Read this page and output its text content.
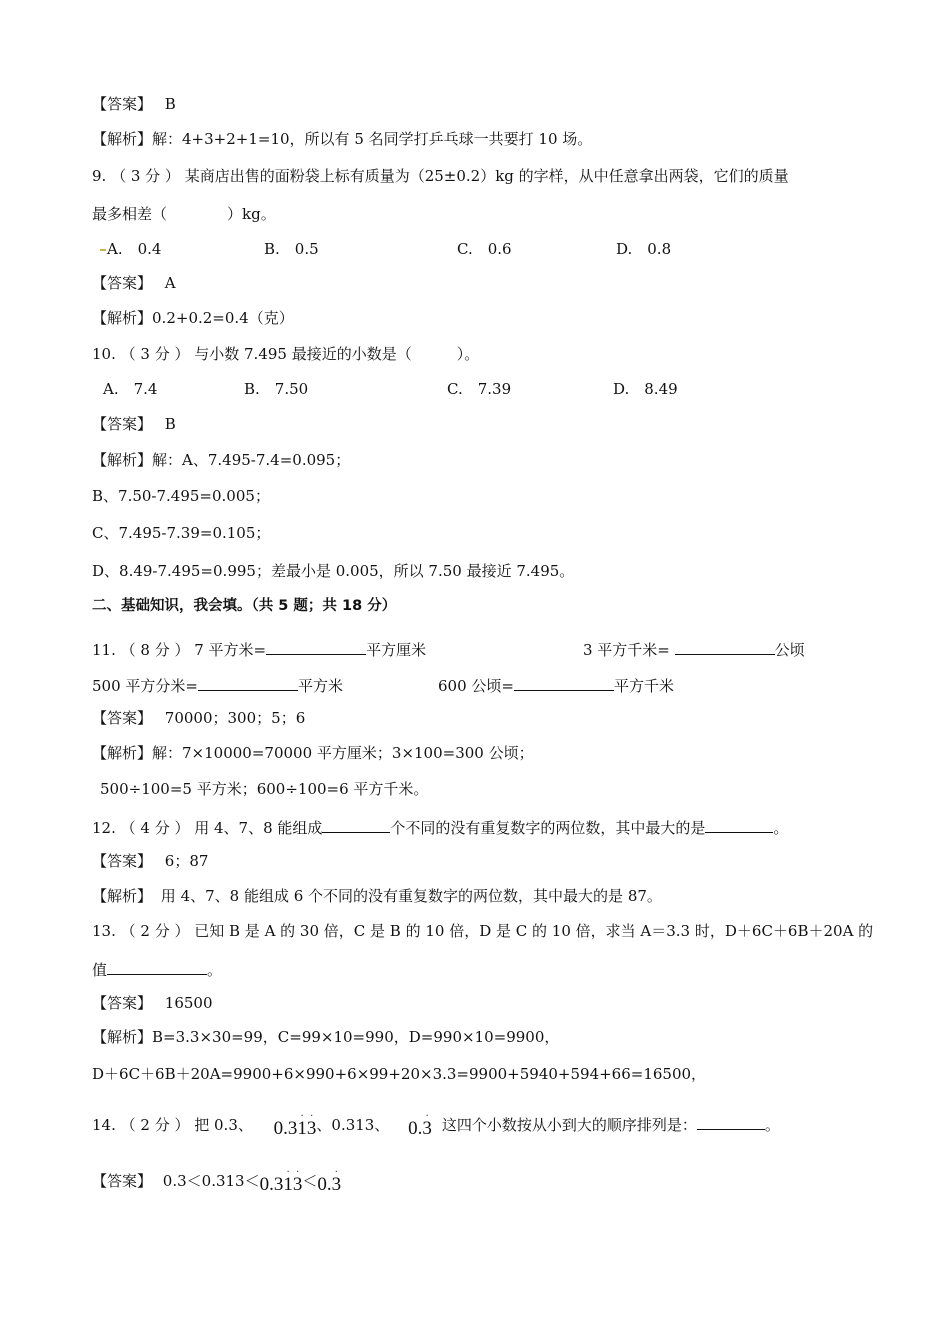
【答案】 B
【解析】解：4+3+2+1=10，所以有 5 名同学打乒乓球一共要打 10 场。
9. （ 3 分 ） 某商店出售的面粉袋上标有质量为（25±0.2）kg 的字样，从中任意拿出两袋，它们的质量
最多相差（　　　　）kg。
A.　0.4	B.　0.5	C.　0.6	D.　0.8
【答案】 A
【解析】0.2+0.2=0.4（克）
10. （ 3 分 ） 与小数 7.495 最接近的小数是（　　　）。
A.　7.4	B.　7.50	C.　7.39	D.　8.49
【答案】 B
【解析】解：A、7.495-7.4=0.095；
B、7.50-7.495=0.005；
C、7.495-7.39=0.105；
D、8.49-7.495=0.995；差最小是 0.005，所以 7.50 最接近 7.495。
二、基础知识，我会填。（共 5 题；共 18 分）
11. （ 8 分 ） 7 平方米=	平方厘米	3 平方千米=	公顷
500 平方分米=	平方米	600 公顷=	平方千米
【答案】 70000；300；5；6
【解析】解：7×10000=70000 平方厘米；3×100=300 公顷；
500÷100=5 平方米；600÷100=6 平方千米。
12. （ 4 分 ） 用 4、7、8 能组成	个不同的没有重复数字的两位数，其中最大的是	。
【答案】 6；87
【解析】 用 4、7、8 能组成 6 个不同的没有重复数字的两位数，其中最大的是 87。
13. （ 2 分 ） 已知 B 是 A 的 30 倍，C 是 B 的 10 倍，D 是 C 的 10 倍，求当 A＝3.3 时，D＋6C＋6B＋20A 的
值	。
【答案】 16500
【解析】B=3.3×30=99，C=99×10=990，D=990×10=9900，
D＋6C＋6B＋20A=9900+6×990+6×99+20×3.3=9900+5940+594+66=16500，
14. （ 2 分 ） 把 0.3、 0.3· 1· 3、0.313、 0.· 3 这四个小数按从小到大的顺序排列是：	。
【答案】 0.3＜0.313＜0.3· 1· 3＜0.· 3
